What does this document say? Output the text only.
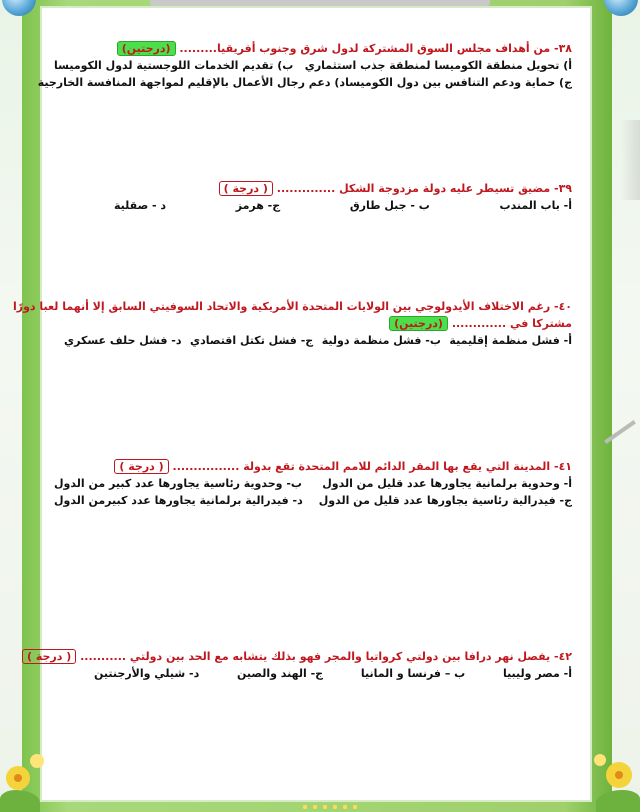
٣٨- من أهداف مجلس السوق المشتركة لدول شرق وجنوب أفريقيا......... (درجتين)
أ) تحويل منطقة الكوميسا لمنطقة جذب استثماري
ب) تقديم الخدمات اللوجستية لدول الكوميسا
ج) حماية ودعم التنافس بين دول الكوميسا
د) دعم رجال الأعمال بالإقليم لمواجهة المنافسة الخارجية
٣٩- مضيق تسيطر عليه دولة مزدوجة الشكل .............. ( درجة )
أ- باب المندب
ب - جبل طارق
ج- هرمز
د - صقلية
٤٠- رغم الاختلاف الأيدولوجي بين الولايات المتحدة الأمريكية والاتحاد السوفيتي السابق إلا أنهما لعبا دورًا
مشتركا في ............. (درجتين)
أ- فشل منظمة إقليمية
ب- فشل منظمة دولية
ج- فشل تكتل اقتصادي
د- فشل حلف عسكري
٤١- المدينة التي يقع بها المقر الدائم للامم المتحدة تقع بدولة ................ ( درجة )
أ- وحدوية برلمانية يجاورها عدد قليل من الدول
ب- وحدوية رئاسية يجاورها عدد كبير من الدول
ج- فيدرالية رئاسية يجاورها عدد قليل من الدول
د- فيدرالية برلمانية يجاورها عدد كبيرمن الدول
٤٢- يفصل نهر درافا بين دولتي كرواتيا والمجر فهو بذلك يتشابه مع الحد بين دولتي ........... ( درجة )
أ- مصر وليبيا
ب – فرنسا و المانيا
ج- الهند والصين
د- شيلي والأرجنتين
